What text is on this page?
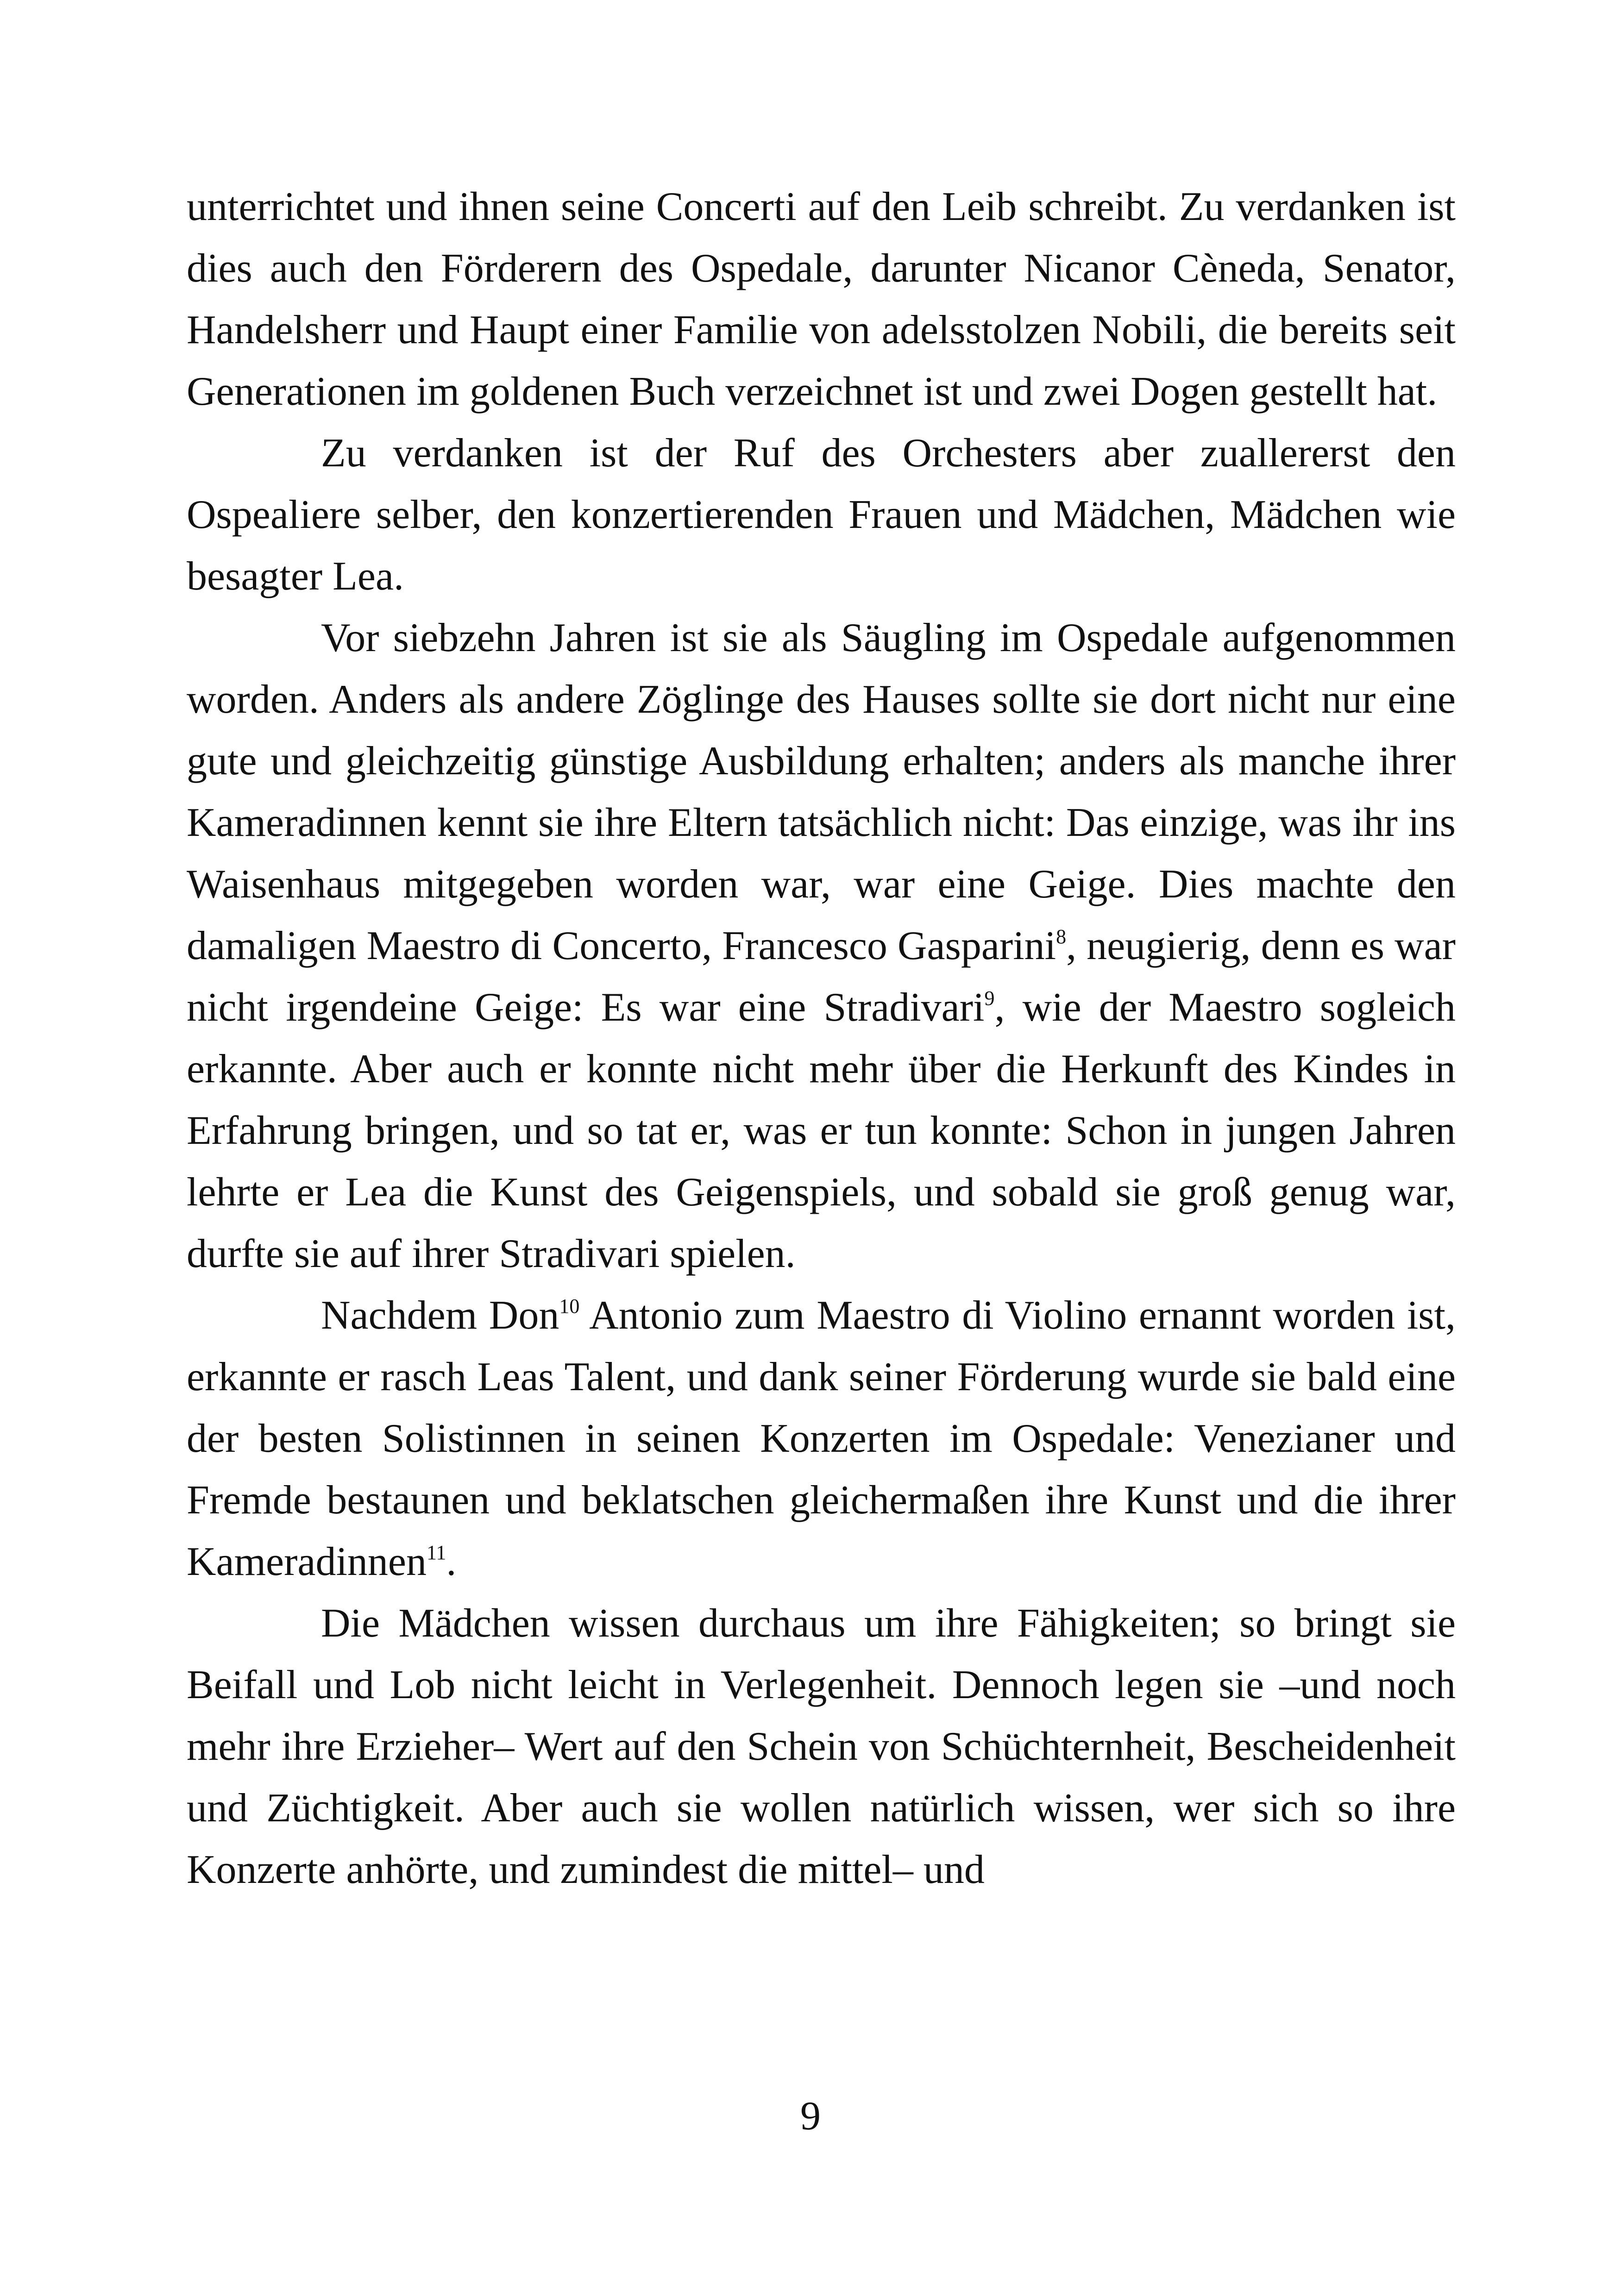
unterrichtet und ihnen seine Concerti auf den Leib schreibt. Zu verdanken ist dies auch den Förderern des Ospedale, darunter Nicanor Cèneda, Senator, Handelsherr und Haupt einer Familie von adelsstolzen Nobili, die bereits seit Generationen im goldenen Buch verzeichnet ist und zwei Dogen gestellt hat.

Zu verdanken ist der Ruf des Orchesters aber zuallererst den Ospealiere selber, den konzertierenden Frauen und Mädchen, Mädchen wie besagter Lea.

Vor siebzehn Jahren ist sie als Säugling im Ospedale aufgenommen worden. Anders als andere Zöglinge des Hauses sollte sie dort nicht nur eine gute und gleichzeitig günstige Ausbildung erhalten; anders als manche ihrer Kameradinnen kennt sie ihre Eltern tatsächlich nicht: Das einzige, was ihr ins Waisenhaus mitgegeben worden war, war eine Geige. Dies machte den damaligen Maestro di Concerto, Francesco Gasparini$^8$, neugierig, denn es war nicht irgendeine Geige: Es war eine Stradivari$^9$, wie der Maestro sogleich erkannte. Aber auch er konnte nicht mehr über die Herkunft des Kindes in Erfahrung bringen, und so tat er, was er tun konnte: Schon in jungen Jahren lehrte er Lea die Kunst des Geigenspiels, und sobald sie groß genug war, durfte sie auf ihrer Stradivari spielen.

Nachdem Don$^{10}$ Antonio zum Maestro di Violino ernannt worden ist, erkannte er rasch Leas Talent, und dank seiner Förderung wurde sie bald eine der besten Solistinnen in seinen Konzerten im Ospedale: Venezianer und Fremde bestaunen und beklatschen gleichermaßen ihre Kunst und die ihrer Kameradinnen$^{11}$.

Die Mädchen wissen durchaus um ihre Fähigkeiten; so bringt sie Beifall und Lob nicht leicht in Verlegenheit. Dennoch legen sie –und noch mehr ihre Erzieher– Wert auf den Schein von Schüchternheit, Bescheidenheit und Züchtigkeit. Aber auch sie wollen natürlich wissen, wer sich so ihre Konzerte anhörte, und zumindest die mittel– und

9
